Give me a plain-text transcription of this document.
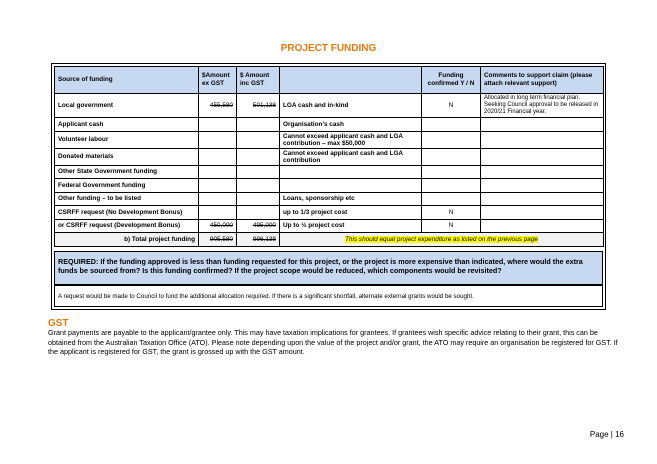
PROJECT FUNDING
Source of funding	$Amount ex GST	$ Amount inc GST		Funding confirmed Y / N	Comments to support claim (please attach relevant support)
Local government	455,580	501,138	LGA cash and in-kind	N	Allocated in long term financial plan. Seeking Council approval to be released in 2020/21 Financial year.
Applicant cash			Organisation’s cash		
Volunteer labour			Cannot exceed applicant cash and LGA contribution – max $50,000		
Donated materials			Cannot exceed applicant cash and LGA contribution		
Other State Government funding					
Federal Government funding					
Other funding – to be listed			Loans, sponsorship etc		
CSRFF request (No Development Bonus)			up to 1/3 project cost	N	
or CSRFF request (Development Bonus)	450,000	495,000	Up to ½ project cost	N	
b) Total project funding	905,580	996,138	This should equal project expenditure as listed on the previous page		
REQUIRED: If the funding approved is less than funding requested for this project, or the project is more expensive than indicated, where would the extra funds be sourced from? Is this funding confirmed? If the project scope would be reduced, which components would be revisited?
A request would be made to Council to fund the additional allocation required. If there is a significant shortfall, alternate external grants would be sought.
GST
Grant payments are payable to the applicant/grantee only. This may have taxation implications for grantees. If grantees wish specific advice relating to their grant, this can be obtained from the Australian Taxation Office (ATO). Please note depending upon the value of the project and/or grant, the ATO may require an organisation be registered for GST. If the applicant is registered for GST, the grant is grossed up with the GST amount.
Page | 16
